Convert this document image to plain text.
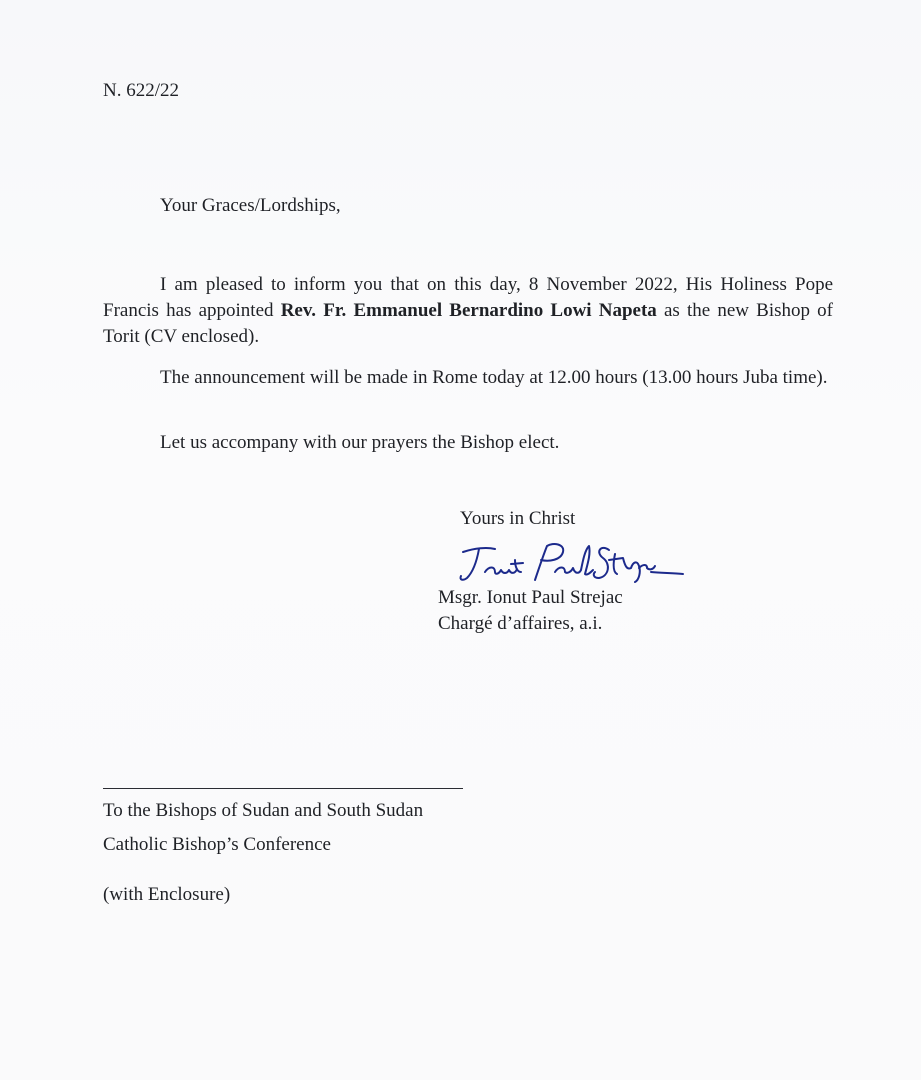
N. 622/22
Your Graces/Lordships,
I am pleased to inform you that on this day, 8 November 2022, His Holiness Pope Francis has appointed Rev. Fr. Emmanuel Bernardino Lowi Napeta as the new Bishop of Torit (CV enclosed).
The announcement will be made in Rome today at 12.00 hours (13.00 hours Juba time).
Let us accompany with our prayers the Bishop elect.
Yours in Christ
Msgr. Ionut Paul Strejac
Chargé d’affaires, a.i.
To the Bishops of Sudan and South Sudan
Catholic Bishop’s Conference
(with Enclosure)
